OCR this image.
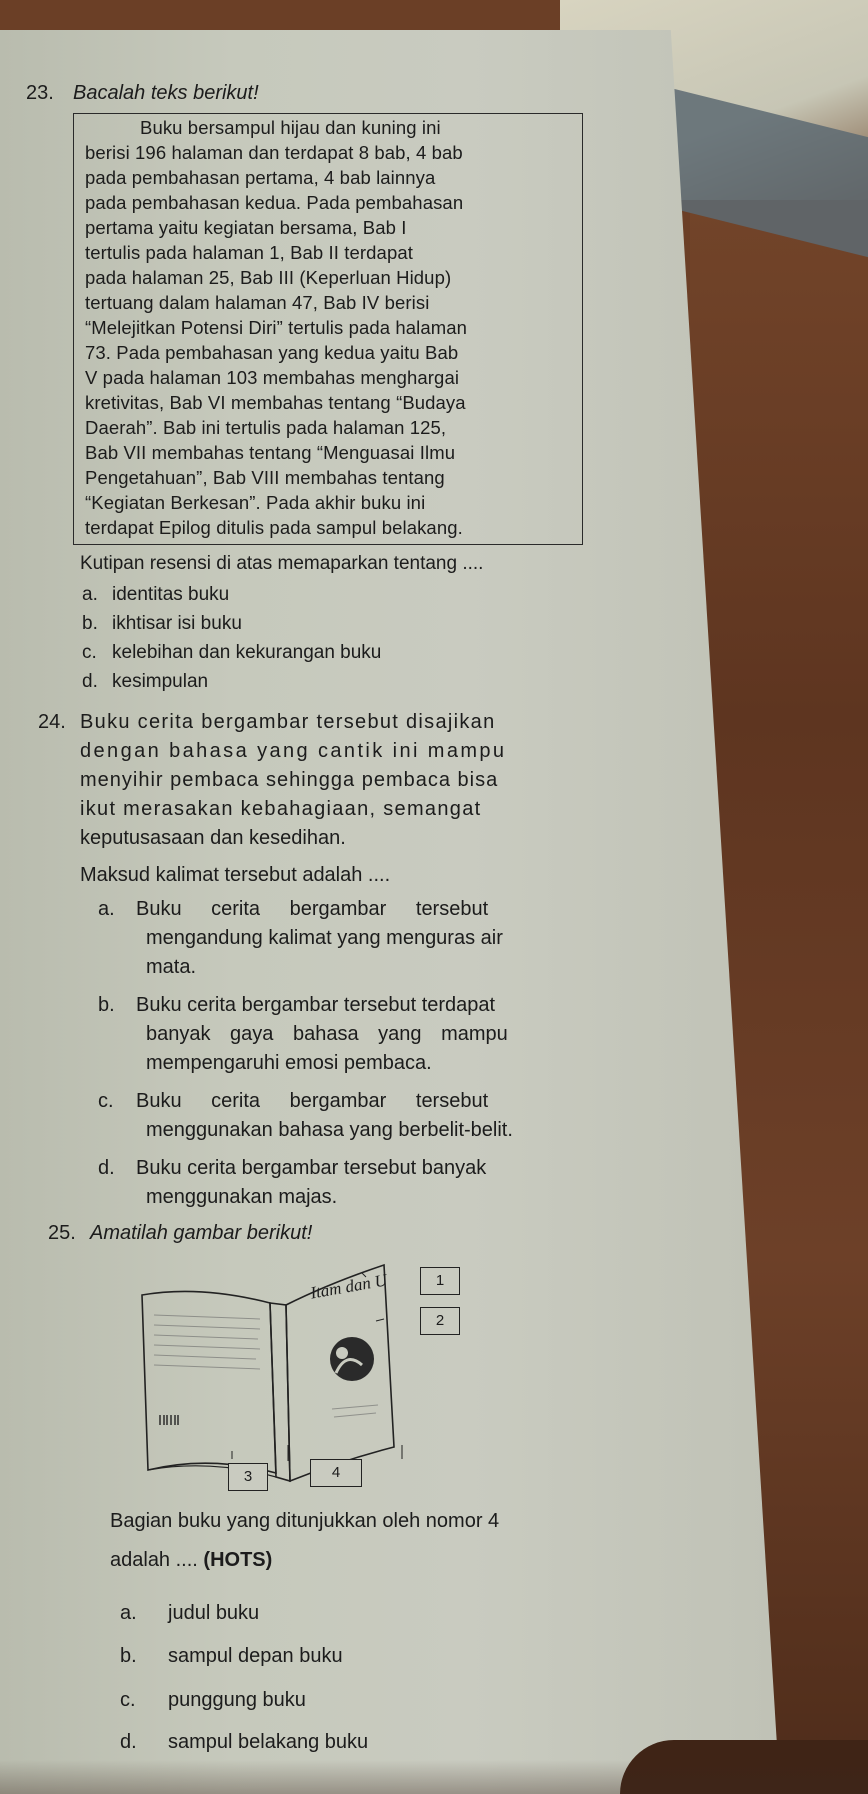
23. Bacalah teks berikut!
Buku bersampul hijau dan kuning ini
berisi 196 halaman dan terdapat 8 bab, 4 bab
pada pembahasan pertama, 4 bab lainnya
pada pembahasan kedua. Pada pembahasan
pertama yaitu kegiatan bersama, Bab I
tertulis pada halaman 1, Bab II terdapat
pada halaman 25, Bab III (Keperluan Hidup)
tertuang dalam halaman 47, Bab IV berisi
“Melejitkan Potensi Diri” tertulis pada halaman
73. Pada pembahasan yang kedua yaitu Bab
V pada halaman 103 membahas menghargai
kretivitas, Bab VI membahas tentang “Budaya
Daerah”. Bab ini tertulis pada halaman 125,
Bab VII membahas tentang “Menguasai Ilmu
Pengetahuan”, Bab VIII membahas tentang
“Kegiatan Berkesan”. Pada akhir buku ini
terdapat Epilog ditulis pada sampul belakang.
Kutipan resensi di atas memaparkan tentang ....
a. identitas buku
b. ikhtisar isi buku
c. kelebihan dan kekurangan buku
d. kesimpulan
24. Buku cerita bergambar tersebut disajikan
dengan bahasa yang cantik ini mampu
menyihir pembaca sehingga pembaca bisa
ikut merasakan kebahagiaan, semangat
keputusasaan dan kesedihan.
Maksud kalimat tersebut adalah ....
a. Buku cerita bergambar tersebut
mengandung kalimat yang menguras air
mata.
b. Buku cerita bergambar tersebut terdapat
banyak gaya bahasa yang mampu
mempengaruhi emosi pembaca.
c. Buku cerita bergambar tersebut
menggunakan bahasa yang berbelit-belit.
d. Buku cerita bergambar tersebut banyak
menggunakan majas.
25. Amatilah gambar berikut!
Itam dan U	1
2
3	4
Bagian buku yang ditunjukkan oleh nomor 4
adalah .... (HOTS)
a. judul buku
b. sampul depan buku
c. punggung buku
d. sampul belakang buku
